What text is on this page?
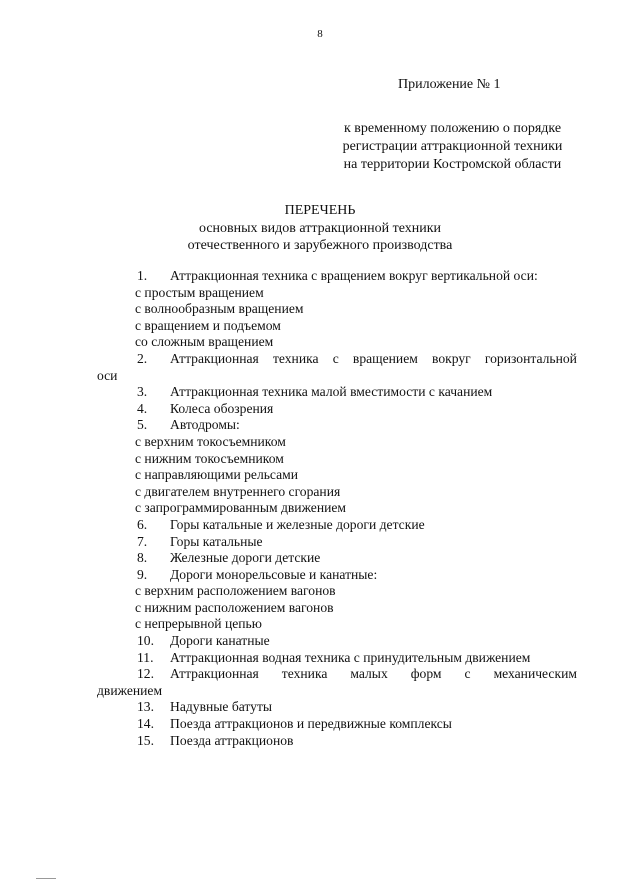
8
Приложение № 1
к временному положению о порядке
регистрации аттракционной техники
на территории Костромской области
ПЕРЕЧЕНЬ
основных видов аттракционной техники
отечественного и зарубежного производства
1.	Аттракционная техника с вращением вокруг вертикальной оси:
с простым вращением
с волнообразным вращением
с вращением и подъемом
со сложным вращением
2.	Аттракционная техника с вращением вокруг горизонтальной
оси
3.	Аттракционная техника малой вместимости с качанием
4.	Колеса обозрения
5.	Автодромы:
с верхним токосъемником
с нижним токосъемником
с направляющими рельсами
с двигателем внутреннего сгорания
с запрограммированным движением
6.	Горы катальные и железные дороги детские
7.	Горы катальные
8.	Железные дороги детские
9.	Дороги монорельсовые и канатные:
с верхним расположением вагонов
с нижним расположением вагонов
с непрерывной цепью
10.	Дороги канатные
11.	Аттракционная водная техника с принудительным движением
12.	Аттракционная техника малых форм с механическим
движением
13.	Надувные батуты
14.	Поезда аттракционов и передвижные комплексы
15.	Поезда аттракционов
